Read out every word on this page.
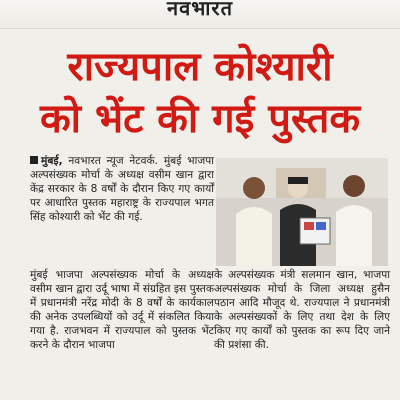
नवभारत
राज्यपाल कोश्यारी
को भेंट की गई पुस्तक

मुंबई, नवभारत न्यूज नेटवर्क. मुंबई भाजपा अल्पसंख्यक मोर्चा के अध्यक्ष वसीम खान द्वारा केंद्र सरकार के 8 वर्षों के दौरान किए गए कार्यों पर आधारित पुस्तक महाराष्ट्र के राज्यपाल भगत सिंह कोश्यारी को भेंट की गई.

मुंबई भाजपा अल्पसंख्यक मोर्चा के अध्यक्ष वसीम खान द्वारा उर्दू भाषा में संग्रहित इस पुस्तक में प्रधानमंत्री नरेंद्र मोदी के 8 वर्षों के कार्यकाल की अनेक उपलब्धियों को उर्दू में संकलित किया गया है. राजभवन में राज्यपाल को पुस्तक भेंट करने के दौरान भाजपा

के अल्पसंख्यक मंत्री सलमान खान, भाजपा अल्पसंख्यक मोर्चा के जिला अध्यक्ष हुसैन पठान आदि मौजूद थे. राज्यपाल ने प्रधानमंत्री के अल्पसंख्यकों के लिए तथा देश के लिए किए गए कार्यों को पुस्तक का रूप दिए जाने की प्रशंसा की.
